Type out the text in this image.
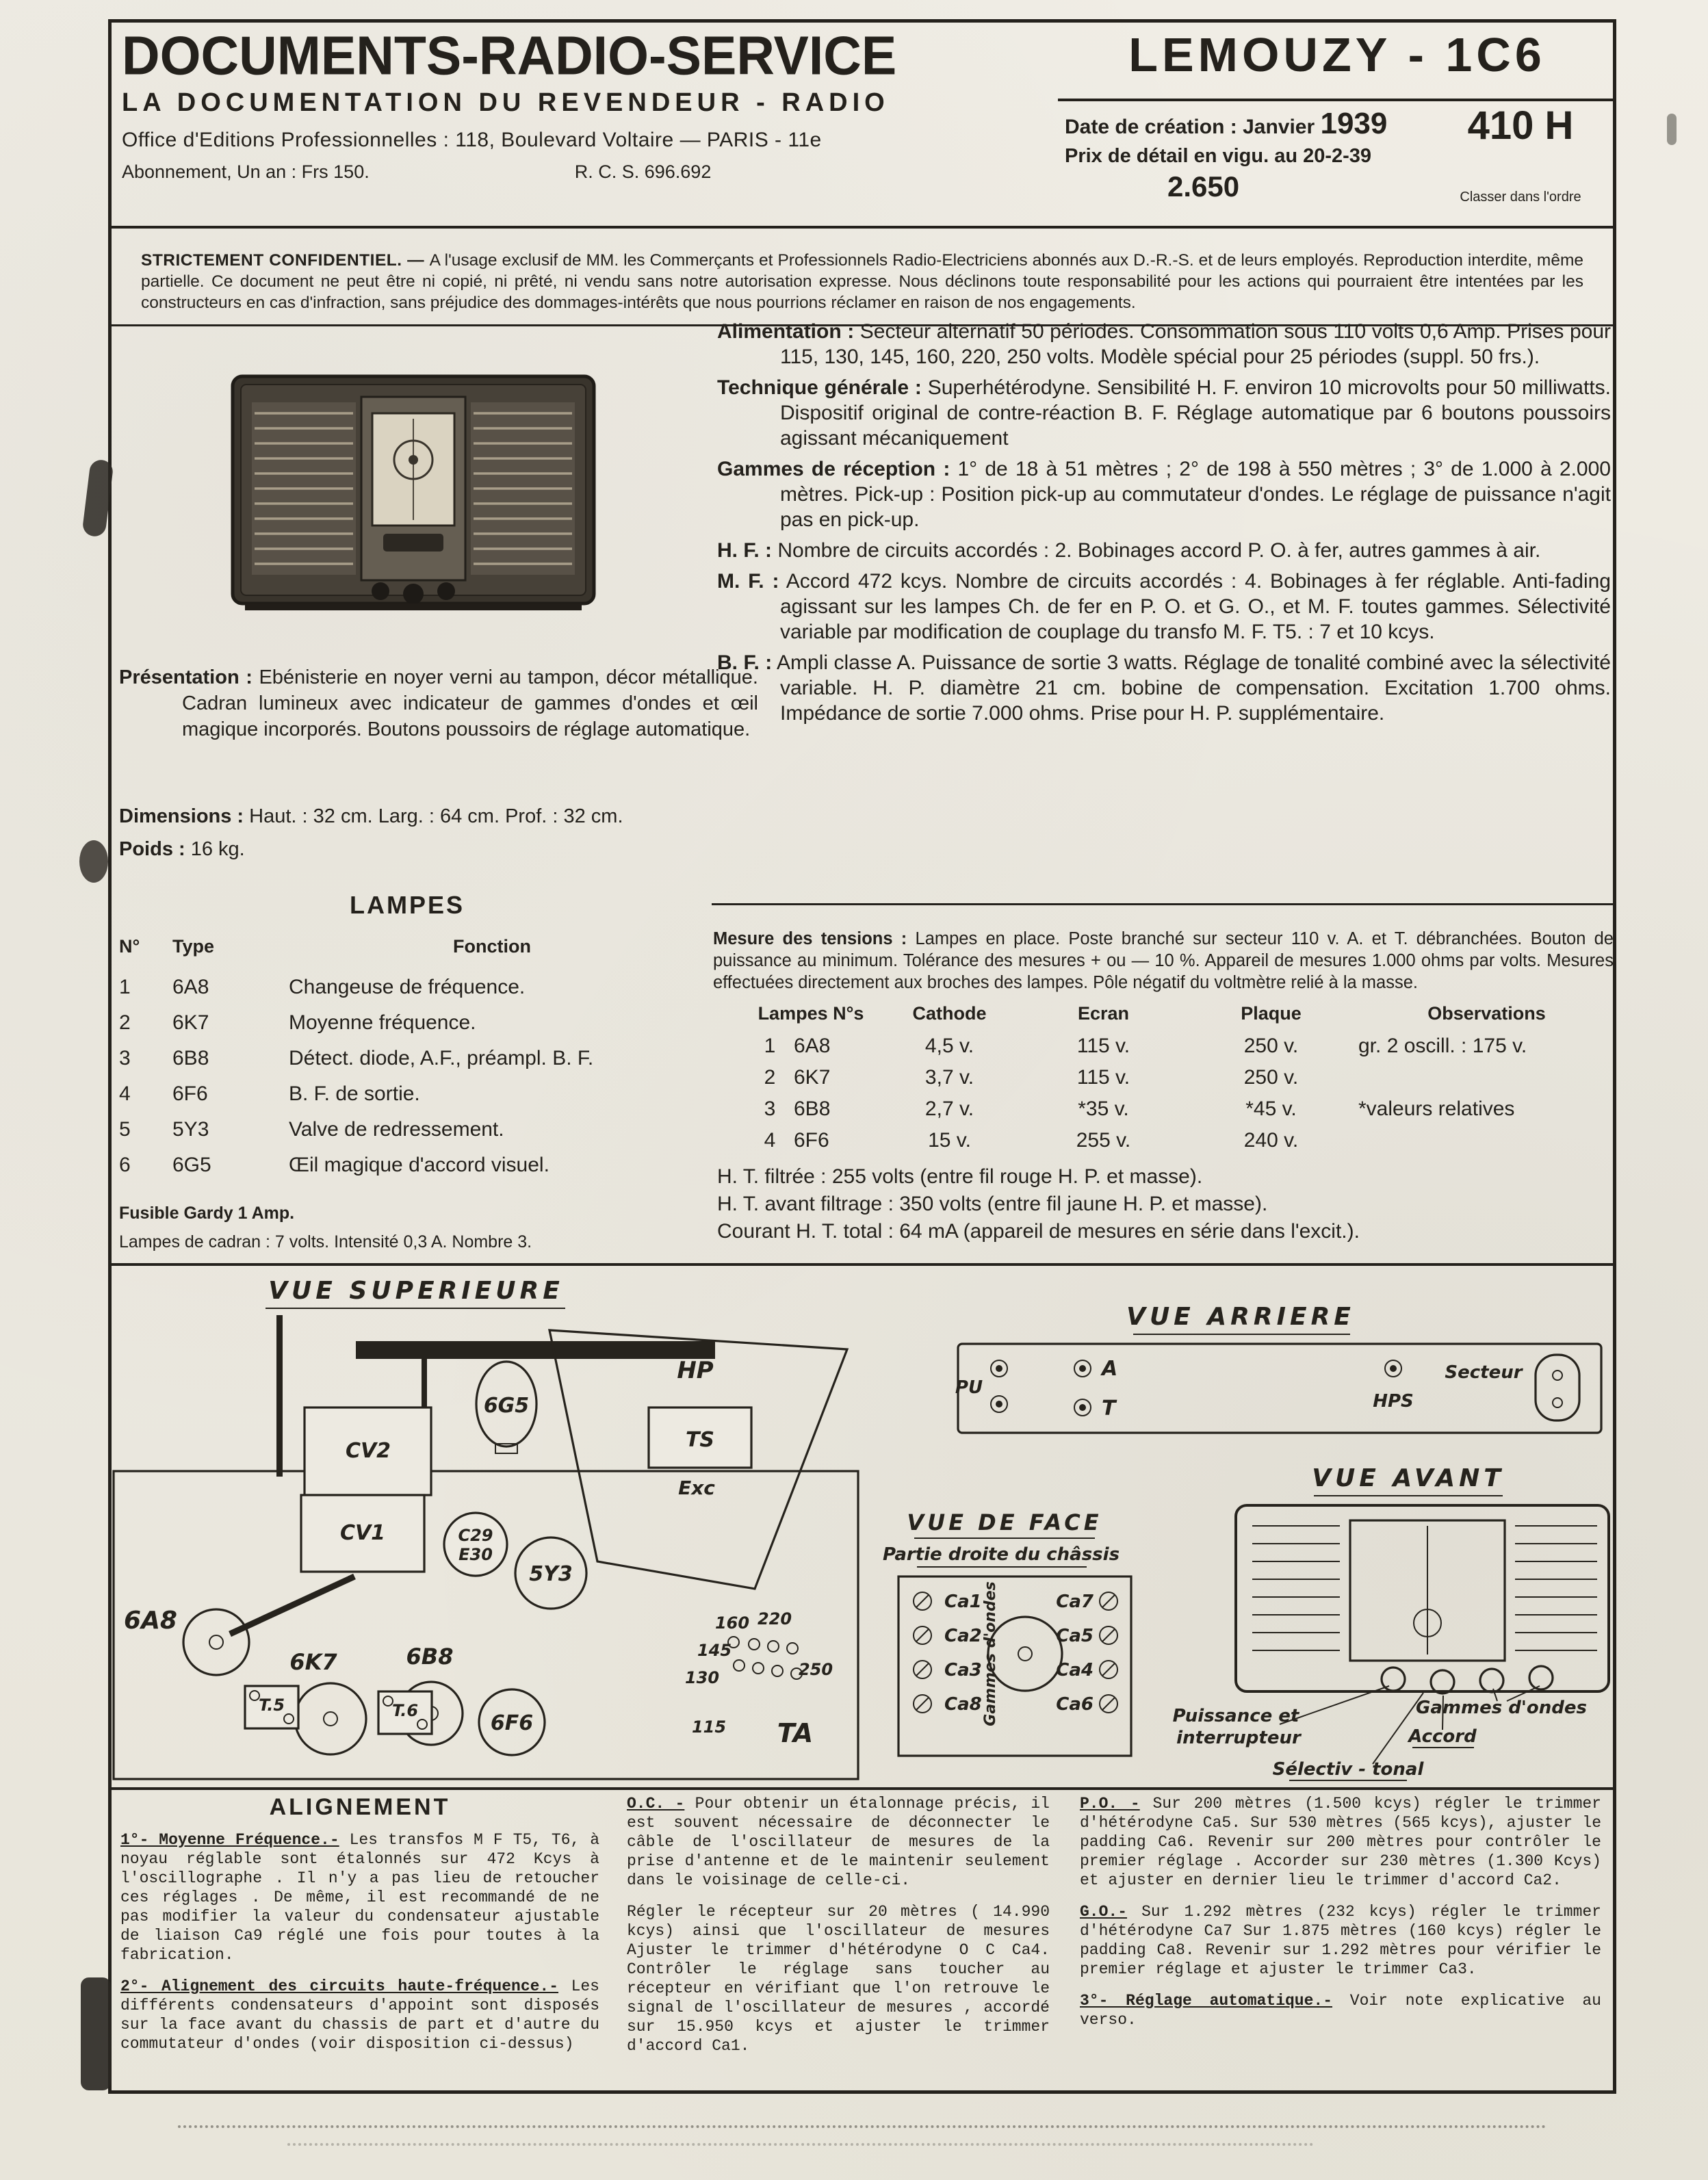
DOCUMENTS-RADIO-SERVICE
LA DOCUMENTATION DU REVENDEUR - RADIO
Office d'Editions Professionnelles : 118, Boulevard Voltaire — PARIS - 11e
Abonnement, Un an : Frs 150.	R. C. S. 696.692
LEMOUZY - 1C6
Date de création : Janvier 1939
Prix de détail en vigu. au 20-2-39
2.650
410 H
Classer dans l'ordre

STRICTEMENT CONFIDENTIEL. — A l'usage exclusif de MM. les Commerçants et Professionnels Radio-Electriciens abonnés aux D.-R.-S. et de leurs employés. Reproduction interdite, même partielle. Ce document ne peut être ni copié, ni prêté, ni vendu sans notre autorisation expresse. Nous déclinons toute responsabilité pour les actions qui pourraient être intentées par les constructeurs en cas d'infraction, sans préjudice des dommages-intérêts que nous pourrions réclamer en raison de nos engagements.

Présentation : Ebénisterie en noyer verni au tampon, décor métallique. Cadran lumineux avec indicateur de gammes d'ondes et œil magique incorporés. Boutons poussoirs de réglage automatique.

Dimensions : Haut. : 32 cm. Larg. : 64 cm. Prof. : 32 cm.

Poids : 16 kg.

LAMPES
N°	Type	Fonction
1	6A8	Changeuse de fréquence.
2	6K7	Moyenne fréquence.
3	6B8	Détect. diode, A.F., préampl. B. F.
4	6F6	B. F. de sortie.
5	5Y3	Valve de redressement.
6	6G5	Œil magique d'accord visuel.

Fusible Gardy 1 Amp.

Lampes de cadran : 7 volts. Intensité 0,3 A. Nombre 3.

Alimentation : Secteur alternatif 50 périodes. Consommation sous 110 volts 0,6 Amp. Prises pour 115, 130, 145, 160, 220, 250 volts. Modèle spécial pour 25 périodes (suppl. 50 frs.).

Technique générale : Superhétérodyne. Sensibilité H. F. environ 10 microvolts pour 50 milliwatts. Dispositif original de contre-réaction B. F. Réglage automatique par 6 boutons poussoirs agissant mécaniquement

Gammes de réception : 1° de 18 à 51 mètres ; 2° de 198 à 550 mètres ; 3° de 1.000 à 2.000 mètres. Pick-up : Position pick-up au commutateur d'ondes. Le réglage de puissance n'agit pas en pick-up.

H. F. : Nombre de circuits accordés : 2. Bobinages accord P. O. à fer, autres gammes à air.

M. F. : Accord 472 kcys. Nombre de circuits accordés : 4. Bobinages à fer réglable. Anti-fading agissant sur les lampes Ch. de fer en P. O. et G. O., et M. F. toutes gammes. Sélectivité variable par modification de couplage du transfo M. F. T5. : 7 et 10 kcys.

B. F. : Ampli classe A. Puissance de sortie 3 watts. Réglage de tonalité combiné avec la sélectivité variable. H. P. diamètre 21 cm. bobine de compensation. Excitation 1.700 ohms. Impédance de sortie 7.000 ohms. Prise pour H. P. supplémentaire.

Mesure des tensions : Lampes en place. Poste branché sur secteur 110 v. A. et T. débranchées. Bouton de puissance au minimum. Tolérance des mesures + ou — 10 %. Appareil de mesures 1.000 ohms par volts. Mesures effectuées directement aux broches des lampes. Pôle négatif du voltmètre relié à la masse.

Lampes N°s	Cathode	Ecran	Plaque	Observations
1 6A8	4,5 v.	115 v.	250 v.	gr. 2 oscill. : 175 v.
2 6K7	3,7 v.	115 v.	250 v.
3 6B8	2,7 v.	*35 v.	*45 v.	*valeurs relatives
4 6F6	15 v.	255 v.	240 v.

H. T. filtrée : 255 volts (entre fil rouge H. P. et masse).

H. T. avant filtrage : 350 volts (entre fil jaune H. P. et masse).

Courant H. T. total : 64 mA (appareil de mesures en série dans l'excit.).

VUE SUPERIEURE
6G5
HP
TS
Exc
CV2
CV1	C29
E30
5Y3
6A8
6K7	6B8
6F6
T.5	T.6
160 220
145
130	250
115 TA
VUE ARRIERE
PU
A
T	HPS
Secteur
VUE AVANT
Gammes d'ondes
Puissance et
interrupteur	Accord
Sélectiv - tonal
VUE DE FACE
Partie droite du châssis
Ca1
Ca2
Ca3
Ca8 Gammes d'ondes	Ca7
Ca5
Ca4
Ca6
ALIGNEMENT

1°- Moyenne Fréquence.- Les transfos M F T5, T6, à noyau réglable sont étalonnés sur 472 Kcys à l'oscillographe . Il n'y a pas lieu de retoucher ces réglages . De même, il est recommandé de ne pas modifier la valeur du condensateur ajustable de liaison Ca9 réglé une fois pour toutes à la fabrication.

2°- Alignement des circuits haute-fréquence.- Les différents condensateurs d'appoint sont disposés sur la face avant du chassis de part et d'autre du commutateur d'ondes (voir disposition ci-dessus)

O.C. - Pour obtenir un étalonnage précis, il est souvent nécessaire de déconnecter le câble de l'oscillateur de mesures de la prise d'antenne et de le maintenir seulement dans le voisinage de celle-ci.

Régler le récepteur sur 20 mètres ( 14.990 kcys) ainsi que l'oscillateur de mesures Ajuster le trimmer d'hétérodyne O C Ca4. Contrôler le réglage sans toucher au récepteur en vérifiant que l'on retrouve le signal de l'oscillateur de mesures , accordé sur 15.950 kcys et ajuster le trimmer d'accord Ca1.

P.O. - Sur 200 mètres (1.500 kcys) régler le trimmer d'hétérodyne Ca5. Sur 530 mètres (565 kcys), ajuster le padding Ca6. Revenir sur 200 mètres pour contrôler le premier réglage . Accorder sur 230 mètres (1.300 Kcys) et ajuster en dernier lieu le trimmer d'accord Ca2.

G.O.- Sur 1.292 mètres (232 kcys) régler le trimmer d'hétérodyne Ca7 Sur 1.875 mètres (160 kcys) régler le padding Ca8. Revenir sur 1.292 mètres pour vérifier le premier réglage et ajuster le trimmer Ca3.

3°- Réglage automatique.- Voir note explicative au verso.
